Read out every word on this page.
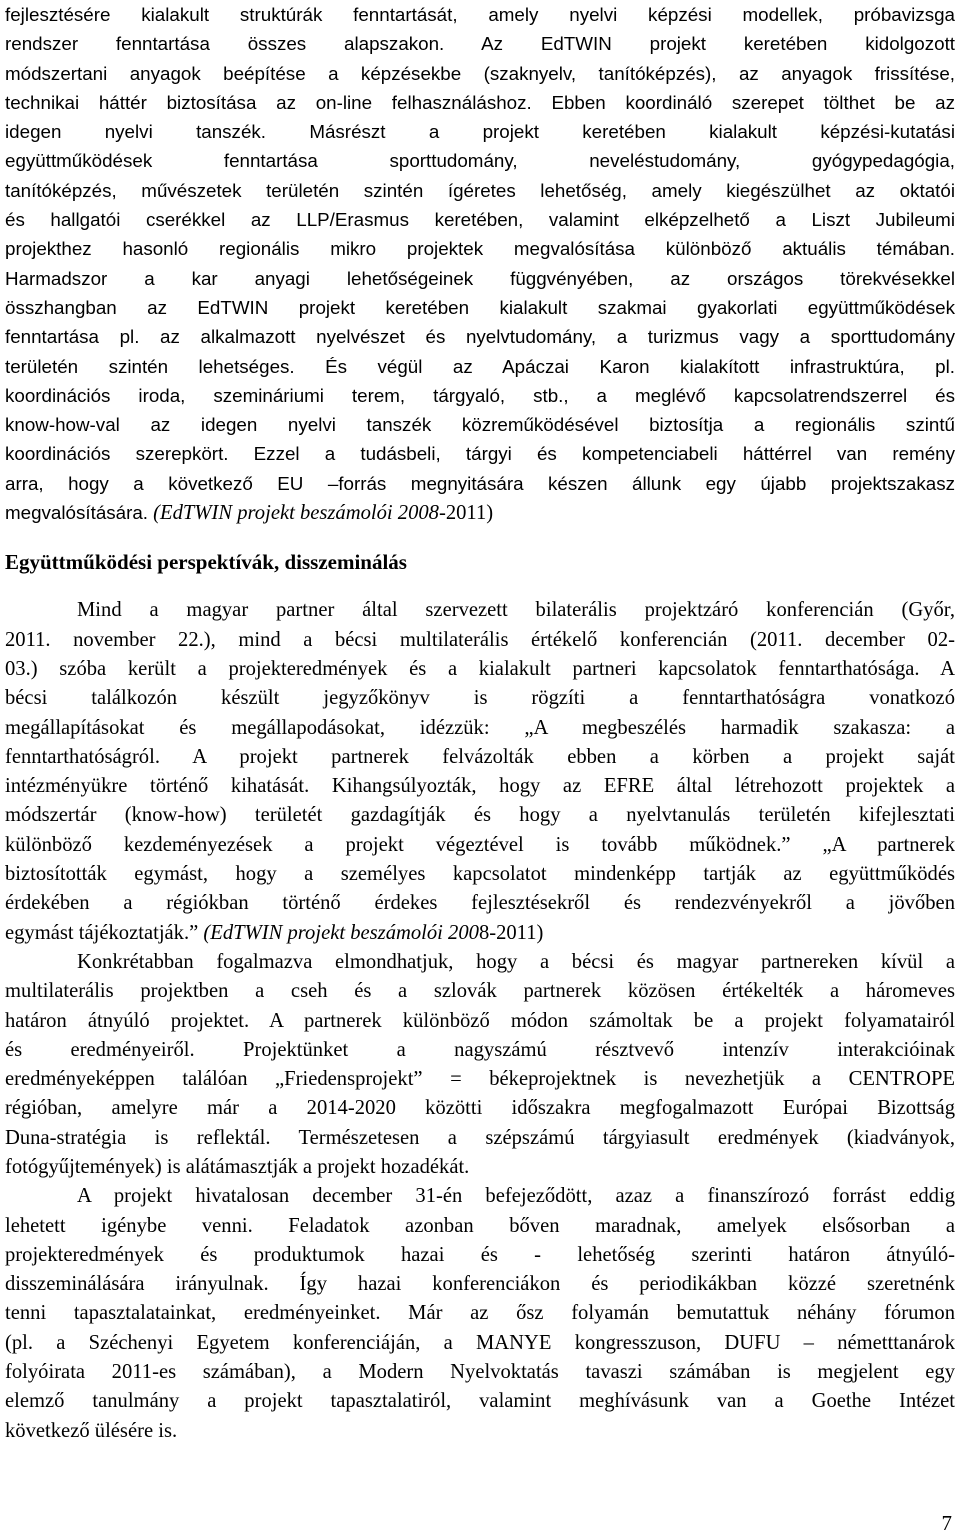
fejlesztésére kialakult struktúrák fenntartását, amely nyelvi képzési modellek, próbavizsga
rendszer fenntartása összes alapszakon. Az EdTWIN projekt keretében kidolgozott
módszertani anyagok beépítése a képzésekbe (szaknyelv, tanítóképzés), az anyagok frissítése,
technikai háttér biztosítása az on-line felhasználáshoz. Ebben koordináló szerepet tölthet be az
idegen nyelvi tanszék. Másrészt a projekt keretében kialakult képzési-kutatási
együttműködések fenntartása sporttudomány, neveléstudomány, gyógypedagógia,
tanítóképzés, művészetek területén szintén ígéretes lehetőség, amely kiegészülhet az oktatói
és hallgatói cserékkel az LLP/Erasmus keretében, valamint elképzelhető a Liszt Jubileumi
projekthez hasonló regionális mikro projektek megvalósítása különböző aktuális témában.
Harmadszor a kar anyagi lehetőségeinek függvényében, az országos törekvésekkel
összhangban az EdTWIN projekt keretében kialakult szakmai gyakorlati együttműködések
fenntartása pl. az alkalmazott nyelvészet és nyelvtudomány, a turizmus vagy a sporttudomány
területén szintén lehetséges. És végül az Apáczai Karon kialakított infrastruktúra, pl.
koordinációs iroda, szemináriumi terem, tárgyaló, stb., a meglévő kapcsolatrendszerrel és
know-how-val az idegen nyelvi tanszék közreműködésével biztosítja a regionális szintű
koordinációs szerepkört. Ezzel a tudásbeli, tárgyi és kompetenciabeli háttérrel van remény
arra, hogy a következő EU –forrás megnyitására készen állunk egy újabb projektszakasz
megvalósítására. (EdTWIN projekt beszámolói 2008-2011)
Együttműködési perspektívák, disszeminálás
Mind a magyar partner által szervezett bilaterális projektzáró konferencián (Győr,
2011. november 22.), mind a bécsi multilaterális értékelő konferencián (2011. december 02-
03.) szóba került a projekteredmények és a kialakult partneri kapcsolatok fenntarthatósága. A
bécsi találkozón készült jegyzőkönyv is rögzíti a fenntarthatóságra vonatkozó
megállapításokat és megállapodásokat, idézzük: „A megbeszélés harmadik szakasza: a
fenntarthatóságról. A projekt partnerek felvázolták ebben a körben a projekt saját
intézményükre történő kihatását. Kihangsúlyozták, hogy az EFRE által létrehozott projektek a
módszertár (know-how) területét gazdagítják és hogy a nyelvtanulás területén kifejlesztati
különböző kezdeményezések a projekt végeztével is tovább működnek.” „A partnerek
biztosították egymást, hogy a személyes kapcsolatot mindenképp tartják az együttműködés
érdekében a régiókban történő érdekes fejlesztésekről és rendezvényekről a jövőben
egymást tájékoztatják.” (EdTWIN projekt beszámolói 2008-2011)
Konkrétabban fogalmazva elmondhatjuk, hogy a bécsi és magyar partnereken kívül a
multilaterális projektben a cseh és a szlovák partnerek közösen értékelték a háromeves
határon átnyúló projektet. A partnerek különböző módon számoltak be a projekt folyamatairól
és eredményeiről. Projektünket a nagyszámú résztvevő intenzív interakcióinak
eredményeképpen találóan „Friedensprojekt” = békeprojektnek is nevezhetjük a CENTROPE
régióban, amelyre már a 2014-2020 közötti időszakra megfogalmazott Európai Bizottság
Duna-stratégia is reflektál. Természetesen a szépszámú tárgyiasult eredmények (kiadványok,
fotógyűjtemények) is alátámasztják a projekt hozadékát.
A projekt hivatalosan december 31-én befejeződött, azaz a finanszírozó forrást eddig
lehetett igénybe venni. Feladatok azonban bőven maradnak, amelyek elsősorban a
projekteredmények és produktumok hazai és - lehetőség szerinti határon átnyúló-
disszeminálására irányulnak. Így hazai konferenciákon és periodikákban közzé szeretnénk
tenni tapasztalatainkat, eredményeinket. Már az ősz folyamán bemutattuk néhány fórumon
(pl. a Széchenyi Egyetem konferenciáján, a MANYE kongresszuson, DUFU – németttanárok
folyóirata 2011-es számában), a Modern Nyelvoktatás tavaszi számában is megjelent egy
elemző tanulmány a projekt tapasztalatiról, valamint meghívásunk van a Goethe Intézet
következő ülésére is.
7
